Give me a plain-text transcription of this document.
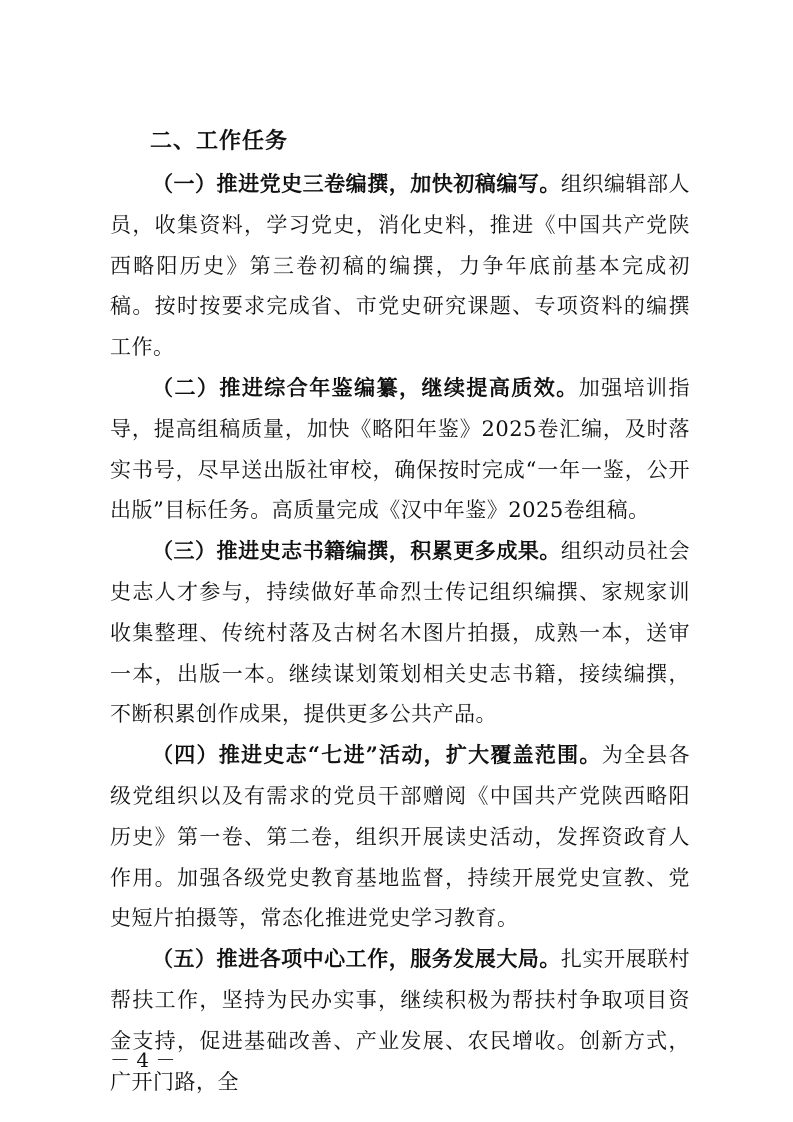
二、工作任务

（一）推进党史三卷编撰，加快初稿编写。组织编辑部人员，收集资料，学习党史，消化史料，推进《中国共产党陕西略阳历史》第三卷初稿的编撰，力争年底前基本完成初稿。按时按要求完成省、市党史研究课题、专项资料的编撰工作。

（二）推进综合年鉴编纂，继续提高质效。加强培训指导，提高组稿质量，加快《略阳年鉴》2025卷汇编，及时落实书号，尽早送出版社审校，确保按时完成“一年一鉴，公开出版”目标任务。高质量完成《汉中年鉴》2025卷组稿。

（三）推进史志书籍编撰，积累更多成果。组织动员社会史志人才参与，持续做好革命烈士传记组织编撰、家规家训收集整理、传统村落及古树名木图片拍摄，成熟一本，送审一本，出版一本。继续谋划策划相关史志书籍，接续编撰，不断积累创作成果，提供更多公共产品。

（四）推进史志“七进”活动，扩大覆盖范围。为全县各级党组织以及有需求的党员干部赠阅《中国共产党陕西略阳历史》第一卷、第二卷，组织开展读史活动，发挥资政育人作用。加强各级党史教育基地监督，持续开展党史宣教、党史短片拍摄等，常态化推进党史学习教育。

（五）推进各项中心工作，服务发展大局。扎实开展联村帮扶工作，坚持为民办实事，继续积极为帮扶村争取项目资金支持，促进基础改善、产业发展、农民增收。创新方式，广开门路，全

－ 4 －
